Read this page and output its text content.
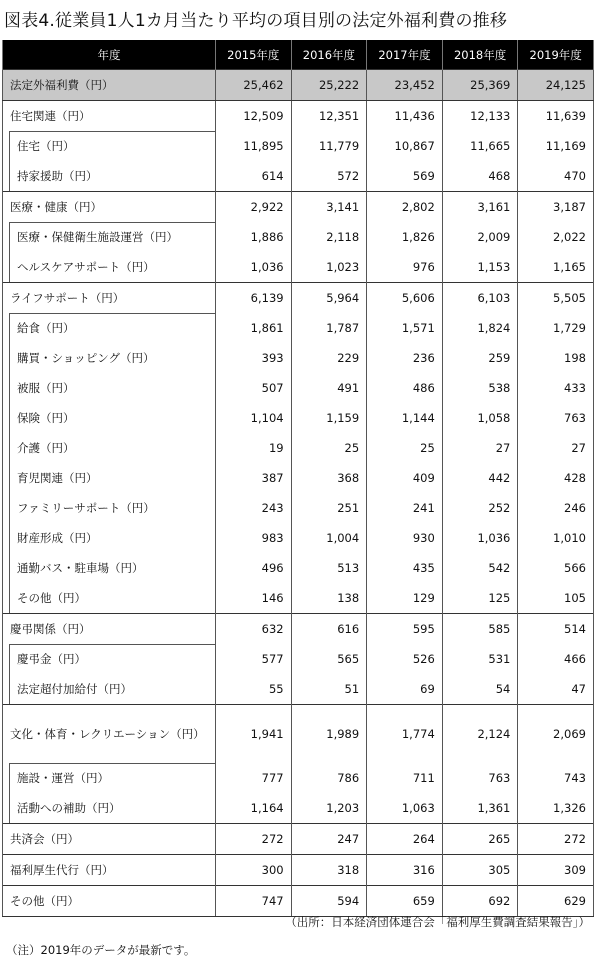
図表4.従業員1人1カ月当たり平均の項目別の法定外福利費の推移
年度	2015年度	2016年度	2017年度	2018年度	2019年度
法定外福利費（円）	25,462	25,222	23,452	25,369	24,125
住宅関連（円）	12,509	12,351	11,436	12,133	11,639
住宅（円）	11,895	11,779	10,867	11,665	11,169
持家援助（円）	614	572	569	468	470
医療・健康（円）	2,922	3,141	2,802	3,161	3,187
医療・保健衛生施設運営（円）	1,886	2,118	1,826	2,009	2,022
ヘルスケアサポート（円）	1,036	1,023	976	1,153	1,165
ライフサポート（円）	6,139	5,964	5,606	6,103	5,505
給食（円）	1,861	1,787	1,571	1,824	1,729
購買・ショッピング（円）	393	229	236	259	198
被服（円）	507	491	486	538	433
保険（円）	1,104	1,159	1,144	1,058	763
介護（円）	19	25	25	27	27
育児関連（円）	387	368	409	442	428
ファミリーサポート（円）	243	251	241	252	246
財産形成（円）	983	1,004	930	1,036	1,010
通勤バス・駐車場（円）	496	513	435	542	566
その他（円）	146	138	129	125	105
慶弔関係（円）	632	616	595	585	514
慶弔金（円）	577	565	526	531	466
法定超付加給付（円）	55	51	69	54	47
文化・体育・レクリエーション（円）	1,941	1,989	1,774	2,124	2,069
施設・運営（円）	777	786	711	763	743
活動への補助（円）	1,164	1,203	1,063	1,361	1,326
共済会（円）	272	247	264	265	272
福利厚生代行（円）	300	318	316	305	309
その他（円）	747	594	659	692	629
（出所：日本経済団体連合会「福利厚生費調査結果報告」）
（注）2019年のデータが最新です。
